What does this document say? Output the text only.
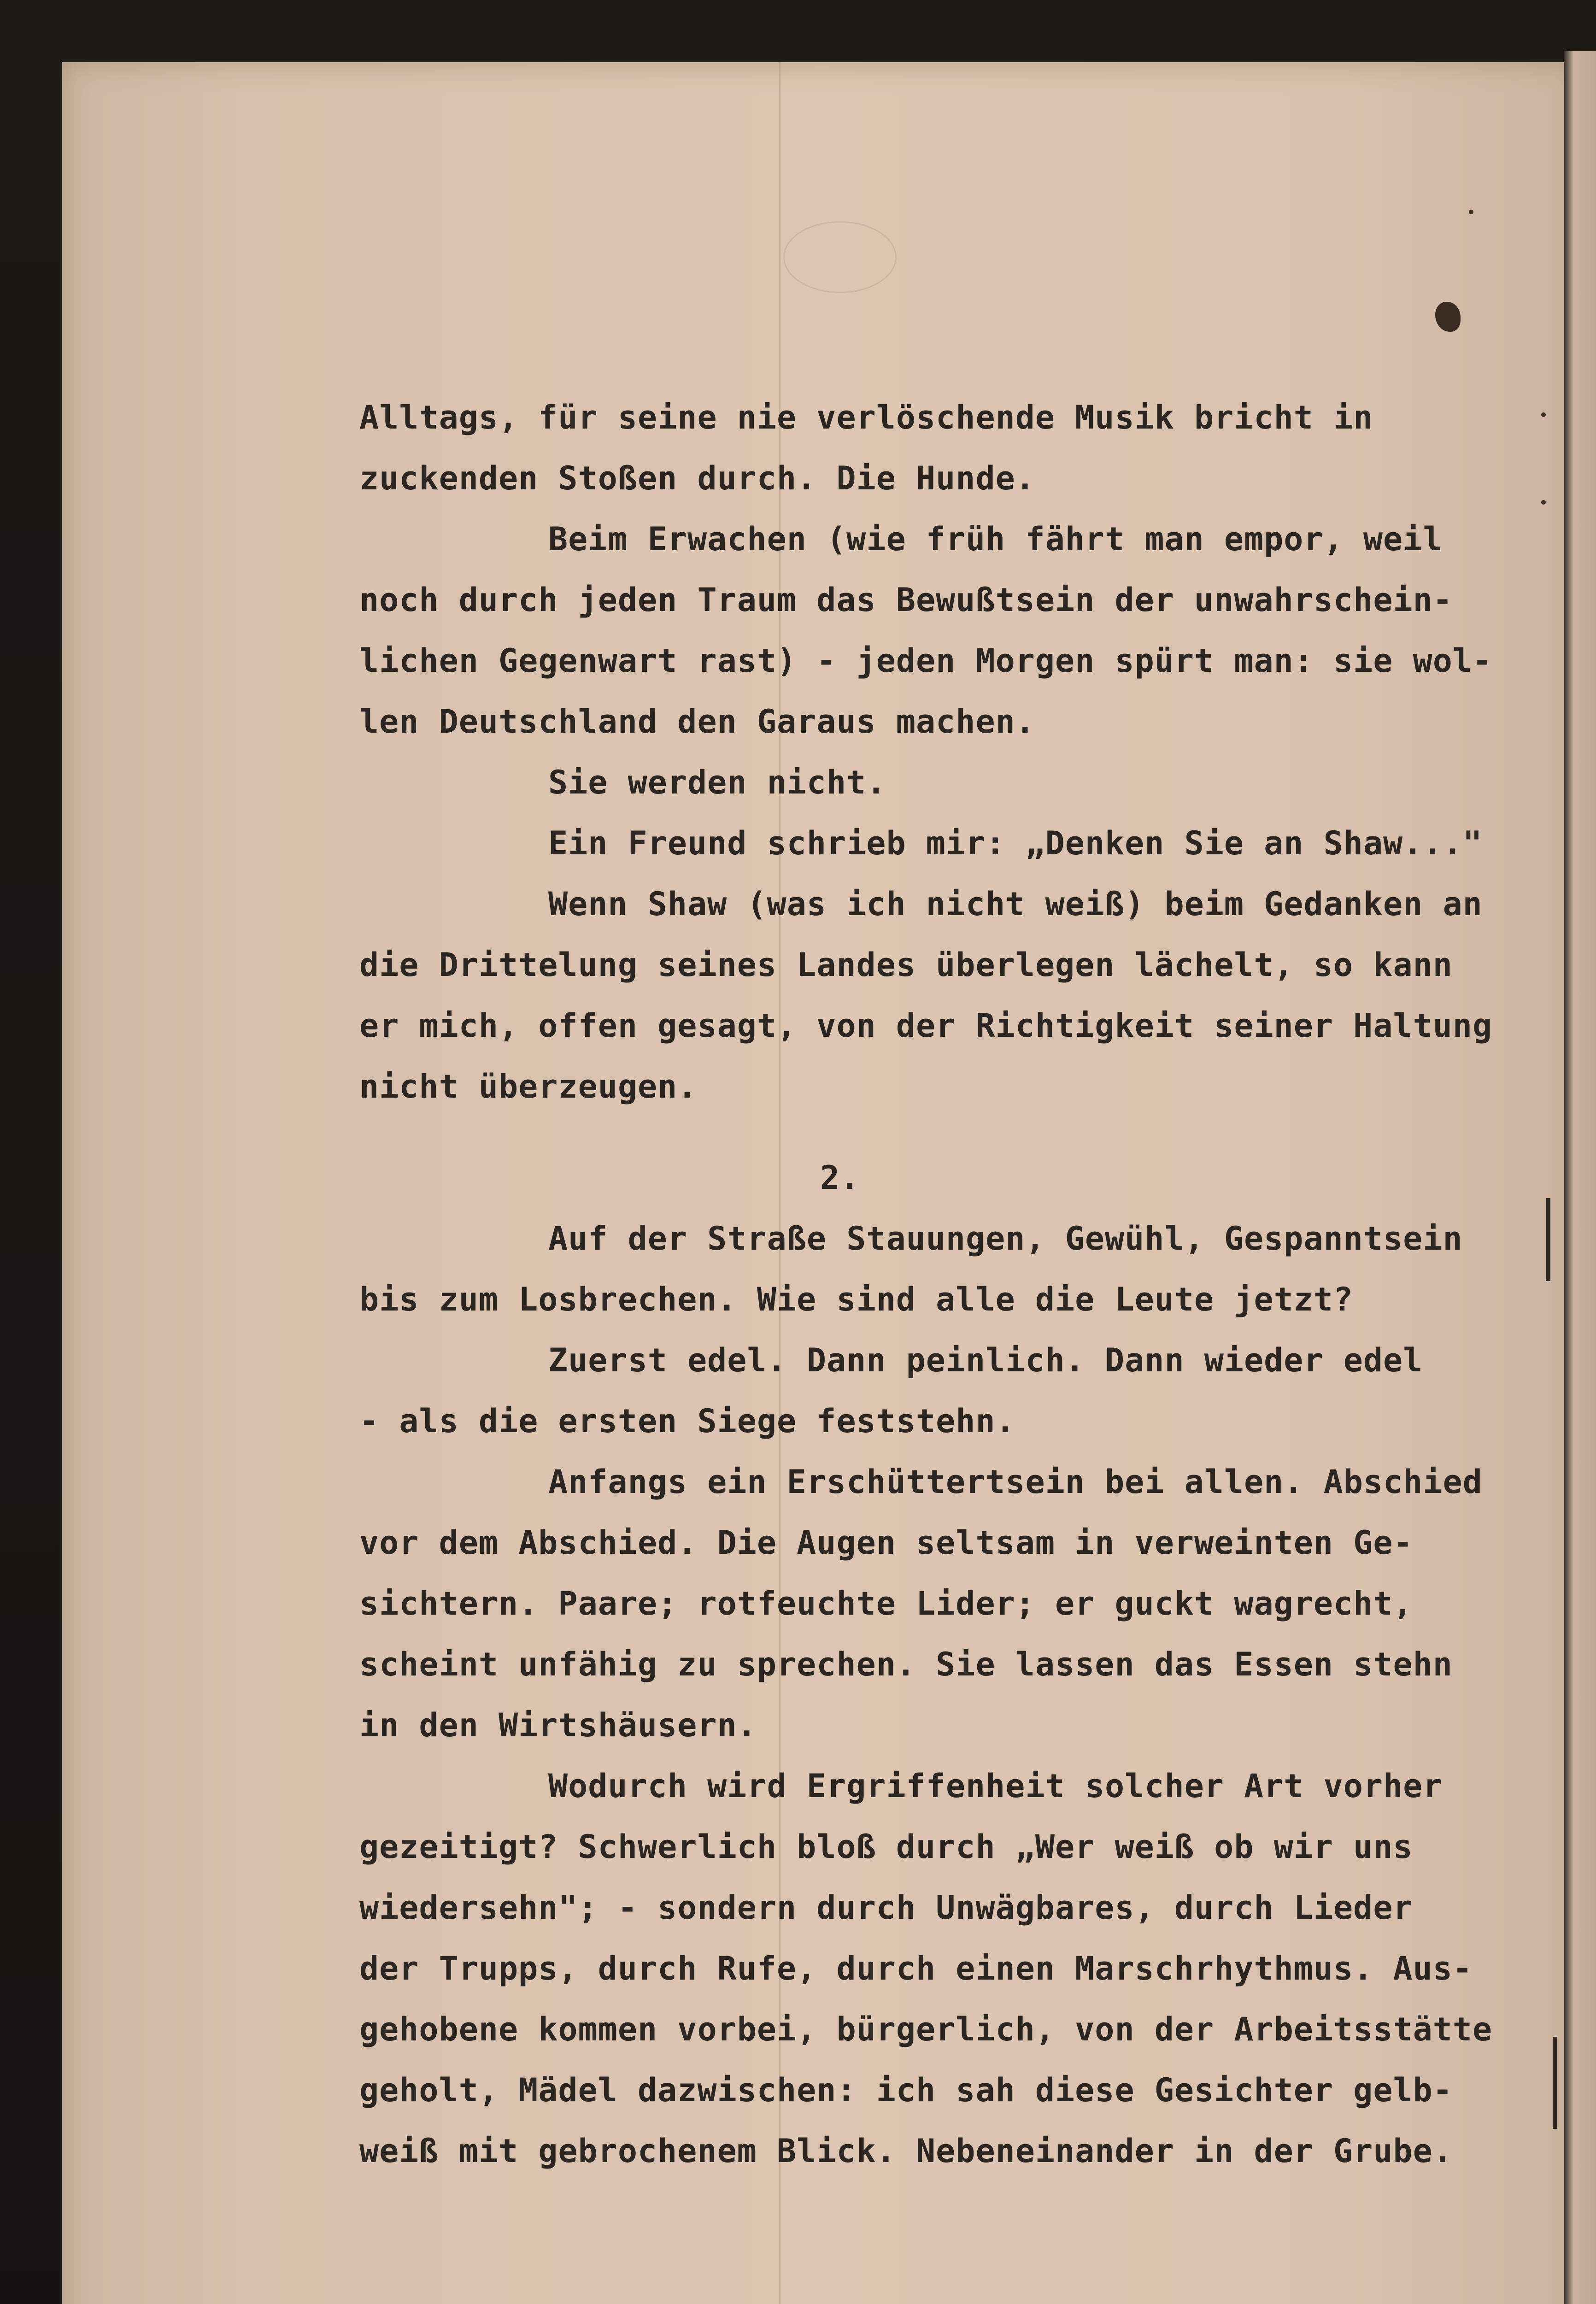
Alltags, für seine nie verlöschende Musik bricht in
zuckenden Stoßen durch. Die Hunde.
Beim Erwachen (wie früh fährt man empor, weil
noch durch jeden Traum das Bewußtsein der unwahrschein-
lichen Gegenwart rast) - jeden Morgen spürt man: sie wol-
len Deutschland den Garaus machen.
Sie werden nicht.
Ein Freund schrieb mir: „Denken Sie an Shaw..."
Wenn Shaw (was ich nicht weiß) beim Gedanken an
die Drittelung seines Landes überlegen lächelt, so kann
er mich, offen gesagt, von der Richtigkeit seiner Haltung
nicht überzeugen.
2.
Auf der Straße Stauungen, Gewühl, Gespanntsein
bis zum Losbrechen. Wie sind alle die Leute jetzt?
Zuerst edel. Dann peinlich. Dann wieder edel
- als die ersten Siege feststehn.
Anfangs ein Erschüttertsein bei allen. Abschied
vor dem Abschied. Die Augen seltsam in verweinten Ge-
sichtern. Paare; rotfeuchte Lider; er guckt wagrecht,
scheint unfähig zu sprechen. Sie lassen das Essen stehn
in den Wirtshäusern.
Wodurch wird Ergriffenheit solcher Art vorher
gezeitigt? Schwerlich bloß durch „Wer weiß ob wir uns
wiedersehn"; - sondern durch Unwägbares, durch Lieder
der Trupps, durch Rufe, durch einen Marschrhythmus. Aus-
gehobene kommen vorbei, bürgerlich, von der Arbeitsstätte
geholt, Mädel dazwischen: ich sah diese Gesichter gelb-
weiß mit gebrochenem Blick. Nebeneinander in der Grube.
